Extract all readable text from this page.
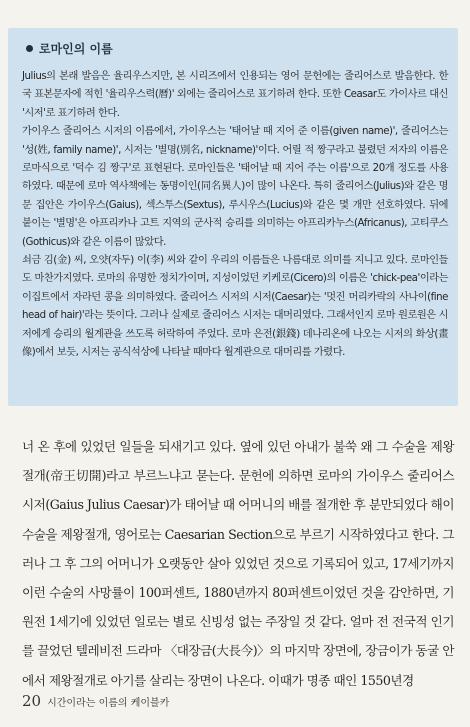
로마인의 이름

Julius의 본래 발음은 율리우스지만, 본 시리즈에서 인용되는 영어 문헌에는 줄리어스로 발음한다. 한국 표본문자에 적힌 '율리우스력(曆)' 외에는 줄리어스로 표기하려 한다. 또한 Ceasar도 가이사르 대신 '시저'로 표기하려 한다.

가이우스 줄리어스 시저의 이름에서, 가이우스는 '태어날 때 지어 준 이름(given name)', 줄리어스는 '성(姓, family name)', 시저는 '별명(別名, nickname)'이다. 어릴 적 짱구라고 불렸던 저자의 이름은 로마식으로 '덕수 김 짱구'로 표현된다. 로마인들은 '태어날 때 지어 주는 이름'으로 20개 정도를 사용하였다. 때문에 로마 역사책에는 동명이인(同名異人)이 많이 나온다. 특히 줄리어스(Julius)와 같은 명문 집안은 가이우스(Gaius), 섹스투스(Sextus), 루시우스(Lucius)와 같은 몇 개만 선호하였다. 뒤에 붙이는 '별명'은 아프리카나 고트 지역의 군사적 승리를 의미하는 아프리카누스(Africanus), 고티쿠스(Gothicus)와 같은 이름이 많았다.

쇠금 김(金) 씨, 오얏(자두) 이(李) 씨와 같이 우리의 이름들은 나름대로 의미를 지니고 있다. 로마인들도 마찬가지였다. 로마의 유명한 정치가이며, 지성이었던 키케로(Cicero)의 이름은 'chick-pea'이라는 이집트에서 자라던 콩을 의미하였다. 줄리어스 시저의 시저(Caesar)는 '멋진 머리카락의 사나이(fine head of hair)'라는 뜻이다. 그러나 실제로 줄리어스 시저는 대머리였다. 그래서인지 로마 원로원은 시저에게 승리의 월계관을 쓰도록 허락하여 주었다. 로마 은전(銀錢) 데나리온에 나오는 시저의 화상(畫像)에서 보듯, 시저는 공식석상에 나타날 때마다 월계관으로 대머리를 가렸다.

너 온 후에 있었던 일들을 되새기고 있다. 옆에 있던 아내가 불쑥 왜 그 수술을 제왕절개(帝王切開)라고 부르느냐고 묻는다. 문헌에 의하면 로마의 가이우스 줄리어스 시저(Gaius Julius Caesar)가 태어날 때 어머니의 배를 절개한 후 분만되었다 해이 수술을 제왕절개, 영어로는 Caesarian Section으로 부르기 시작하였다고 한다. 그러나 그 후 그의 어머니가 오랫동안 살아 있었던 것으로 기록되어 있고, 17세기까지 이런 수술의 사망률이 100퍼센트, 1880년까지 80퍼센트이었던 것을 감안하면, 기원전 1세기에 있었던 일로는 별로 신빙성 없는 주장일 것 같다. 얼마 전 전국적 인기를 끌었던 텔레비전 드라마 〈대장금(大長今)〉의 마지막 장면에, 장금이가 동굴 안에서 제왕절개로 아기를 살리는 장면이 나온다. 이때가 명종 때인 1550년경

20 시간이라는 이름의 케이블카
